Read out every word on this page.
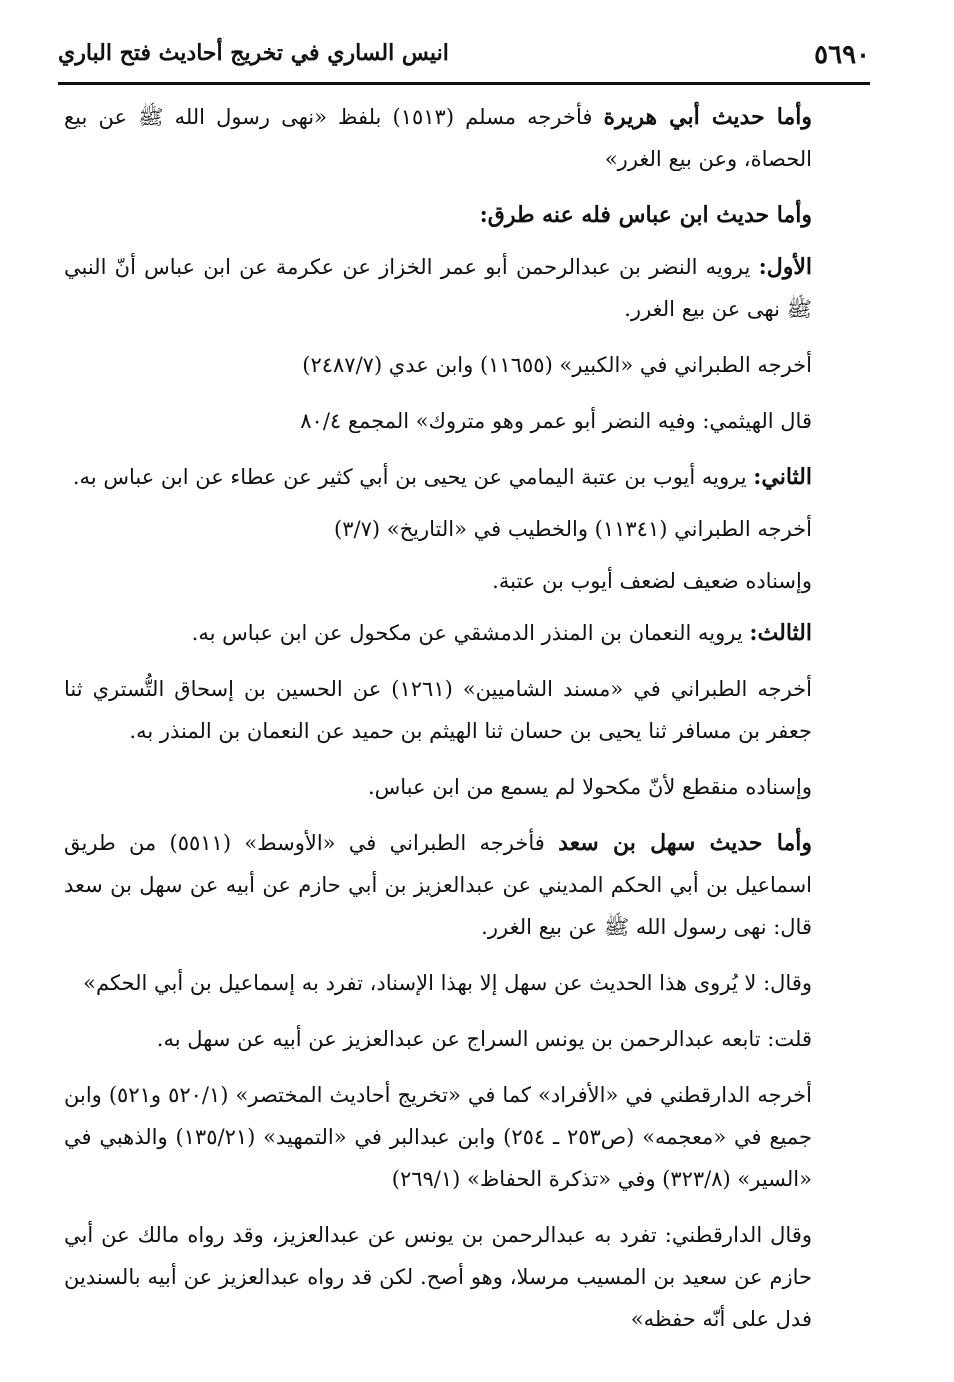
٥٦٩٠
انيس الساري في تخريج أحاديث فتح الباري

وأما حديث أبي هريرة فأخرجه مسلم (١٥١٣) بلفظ «نهى رسول الله ﷺ عن بيع الحصاة، وعن بيع الغرر»

وأما حديث ابن عباس فله عنه طرق:

الأول: يرويه النضر بن عبدالرحمن أبو عمر الخزاز عن عكرمة عن ابن عباس أنّ النبي ﷺ نهى عن بيع الغرر.

أخرجه الطبراني في «الكبير» (١١٦٥٥) وابن عدي (٢٤٨٧/٧)

قال الهيثمي: وفيه النضر أبو عمر وهو متروك» المجمع ٨٠/٤

الثاني: يرويه أيوب بن عتبة اليمامي عن يحيى بن أبي كثير عن عطاء عن ابن عباس به.

أخرجه الطبراني (١١٣٤١) والخطيب في «التاريخ» (٣/٧)

وإسناده ضعيف لضعف أيوب بن عتبة.

الثالث: يرويه النعمان بن المنذر الدمشقي عن مكحول عن ابن عباس به.

أخرجه الطبراني في «مسند الشاميين» (١٢٦١) عن الحسين بن إسحاق التُّستري ثنا جعفر بن مسافر ثنا يحيى بن حسان ثنا الهيثم بن حميد عن النعمان بن المنذر به.

وإسناده منقطع لأنّ مكحولا لم يسمع من ابن عباس.

وأما حديث سهل بن سعد فأخرجه الطبراني في «الأوسط» (٥٥١١) من طريق اسماعيل بن أبي الحكم المديني عن عبدالعزيز بن أبي حازم عن أبيه عن سهل بن سعد قال: نهى رسول الله ﷺ عن بيع الغرر.

وقال: لا يُروى هذا الحديث عن سهل إلا بهذا الإسناد، تفرد به إسماعيل بن أبي الحكم»

قلت: تابعه عبدالرحمن بن يونس السراج عن عبدالعزيز عن أبيه عن سهل به.

أخرجه الدارقطني في «الأفراد» كما في «تخريج أحاديث المختصر» (٥٢٠/١ و٥٢١) وابن جميع في «معجمه» (ص٢٥٣ ـ ٢٥٤) وابن عبدالبر في «التمهيد» (١٣٥/٢١) والذهبي في «السير» (٣٢٣/٨) وفي «تذكرة الحفاظ» (٢٦٩/١)

وقال الدارقطني: تفرد به عبدالرحمن بن يونس عن عبدالعزيز، وقد رواه مالك عن أبي حازم عن سعيد بن المسيب مرسلا، وهو أصح. لكن قد رواه عبدالعزيز عن أبيه بالسندين فدل على أنّه حفظه»
